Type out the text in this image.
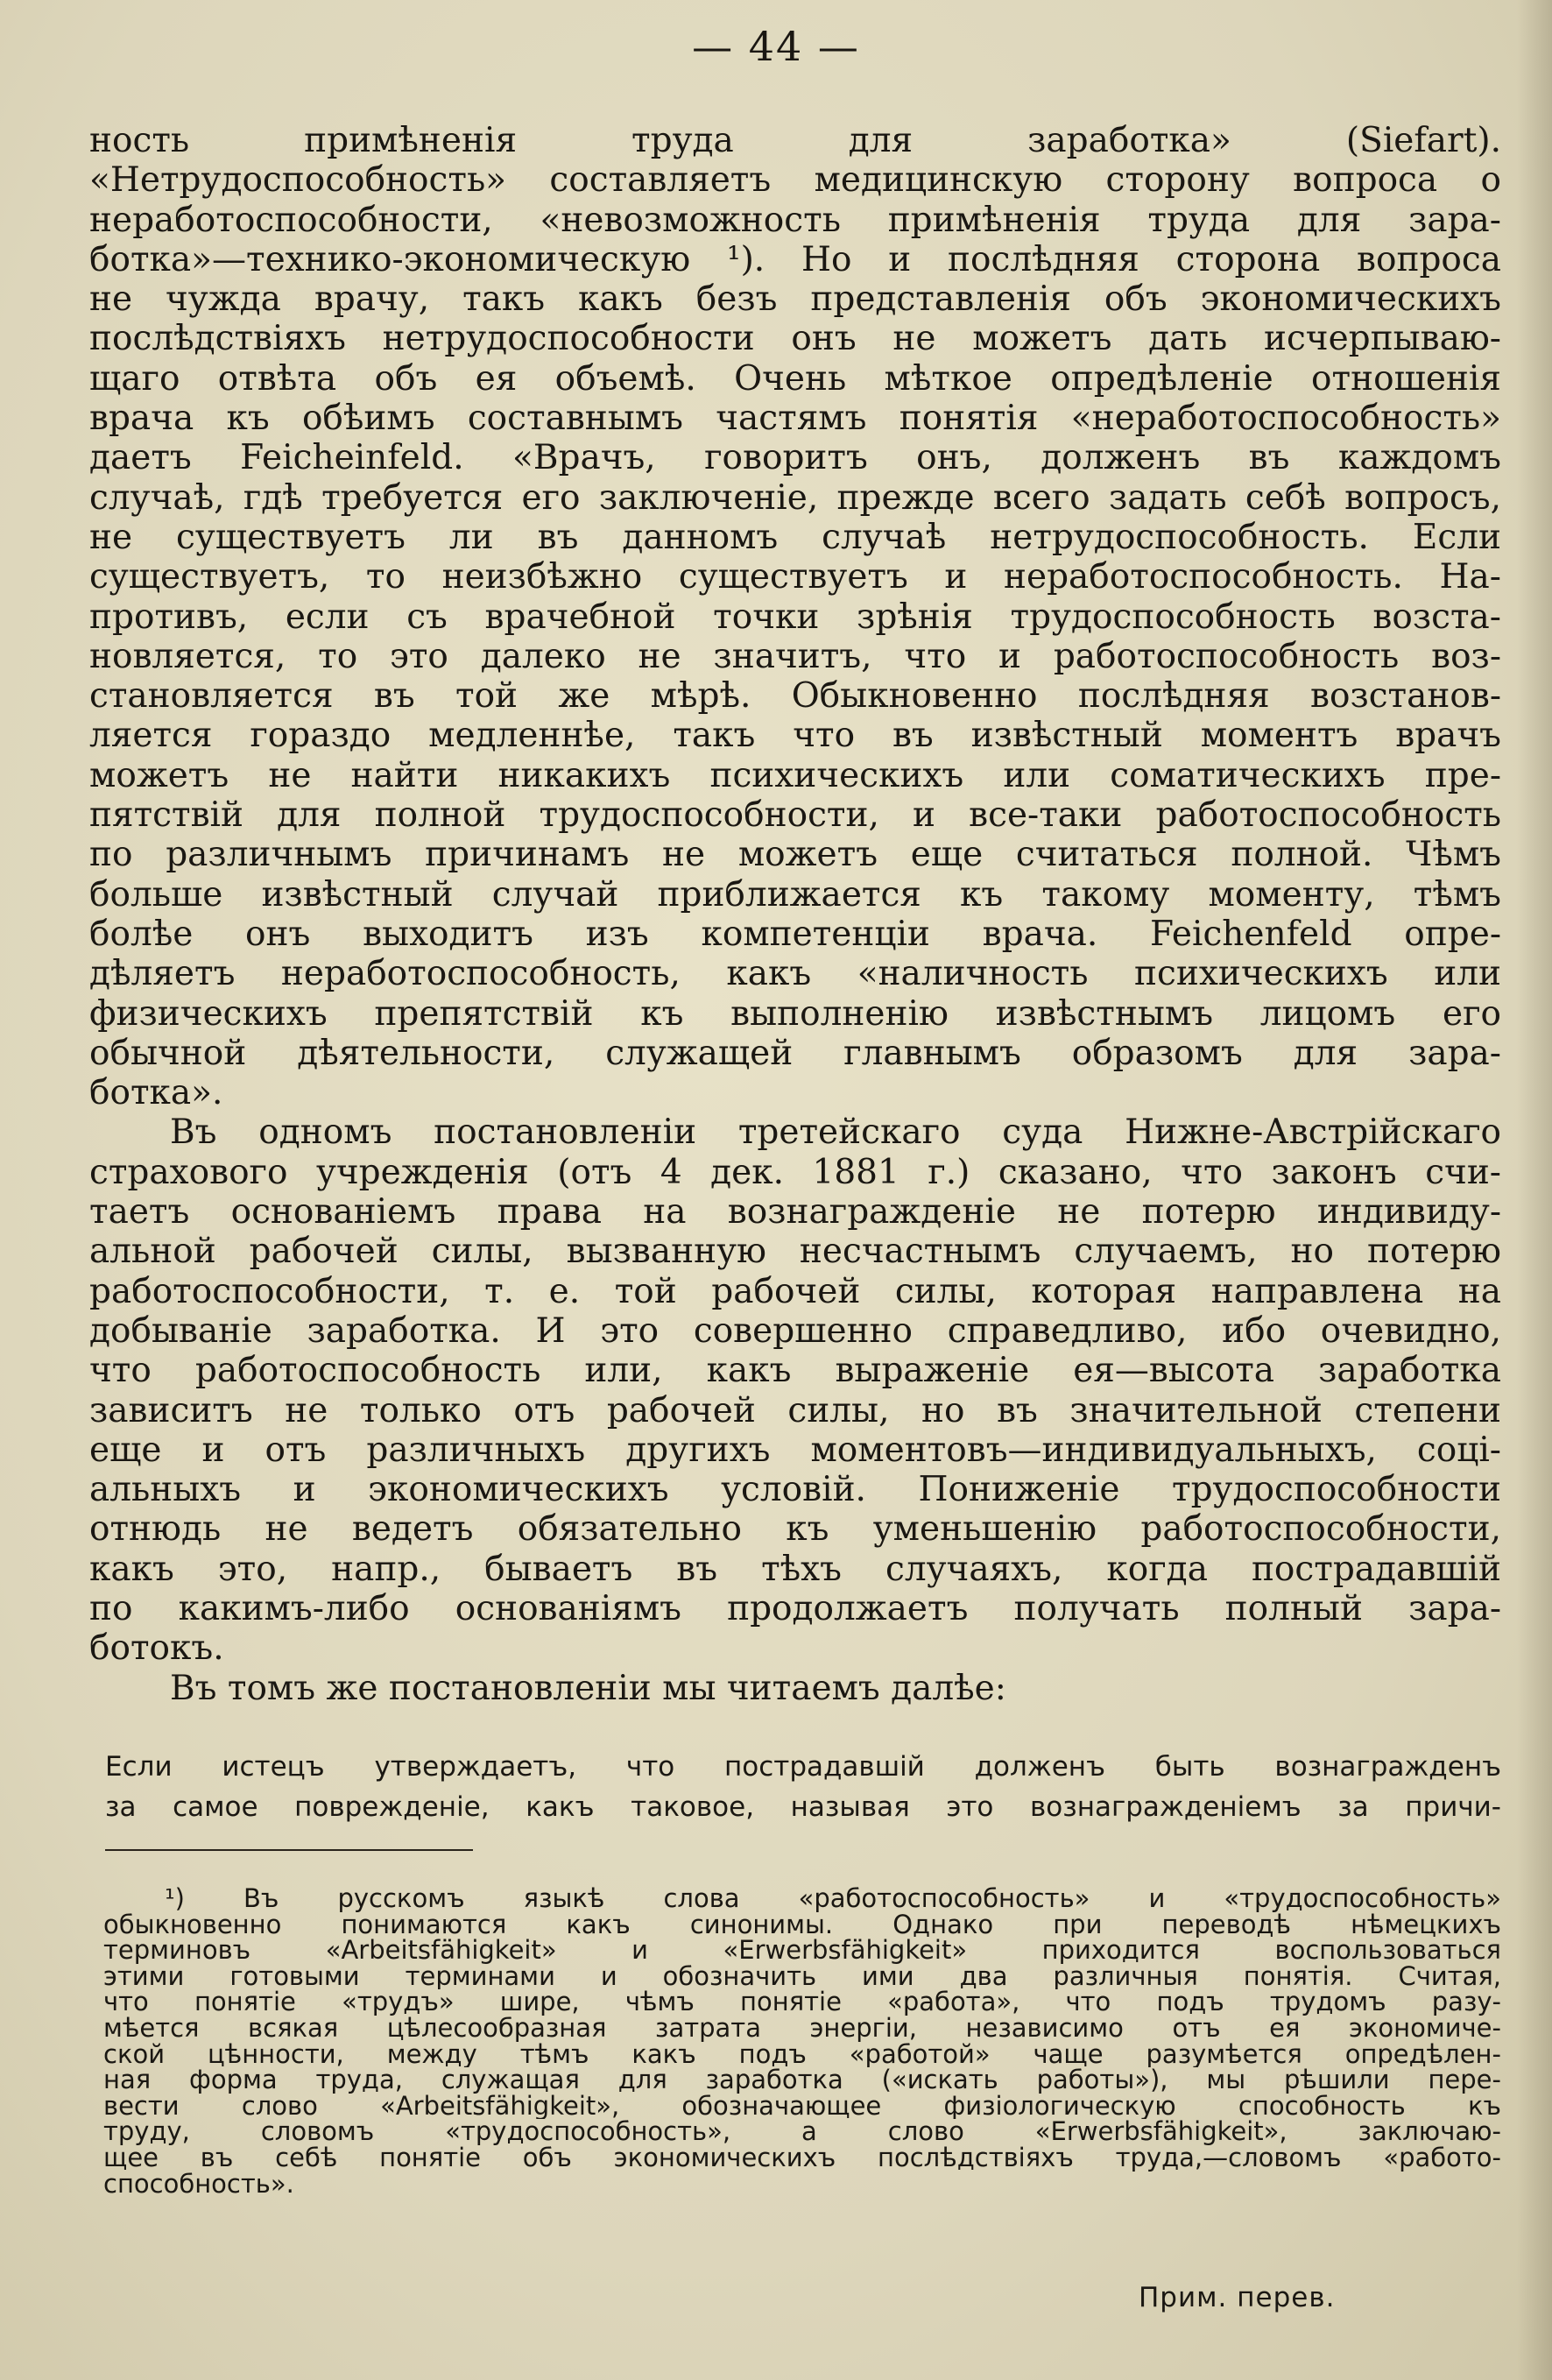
— 44 —
ность примѣненія труда для заработка» (Siefart).
«Нетрудоспособность» составляетъ медицинскую сторону вопроса о
неработоспособности, «невозможность примѣненія труда для зара-
ботка»—технико-экономическую ¹). Но и послѣдняя сторона вопроса
не чужда врачу, такъ какъ безъ представленія объ экономическихъ
послѣдствіяхъ нетрудоспособности онъ не можетъ дать исчерпываю-
щаго отвѣта объ ея объемѣ. Очень мѣткое опредѣленіе отношенія
врача къ обѣимъ составнымъ частямъ понятія «неработоспособность»
даетъ Feicheinfeld. «Врачъ, говоритъ онъ, долженъ въ каждомъ
случаѣ, гдѣ требуется его заключеніе, прежде всего задать себѣ вопросъ,
не существуетъ ли въ данномъ случаѣ нетрудоспособность. Если
существуетъ, то неизбѣжно существуетъ и неработоспособность. На-
противъ, если съ врачебной точки зрѣнія трудоспособность возста-
новляется, то это далеко не значитъ, что и работоспособность воз-
становляется въ той же мѣрѣ. Обыкновенно послѣдняя возстанов-
ляется гораздо медленнѣе, такъ что въ извѣстный моментъ врачъ
можетъ не найти никакихъ психическихъ или соматическихъ пре-
пятствій для полной трудоспособности, и все-таки работоспособность
по различнымъ причинамъ не можетъ еще считаться полной. Чѣмъ
больше извѣстный случай приближается къ такому моменту, тѣмъ
болѣе онъ выходитъ изъ компетенціи врача. Feichenfeld опре-
дѣляетъ неработоспособность, какъ «наличность психическихъ или
физическихъ препятствій къ выполненію извѣстнымъ лицомъ его
обычной дѣятельности, служащей главнымъ образомъ для зара-
ботка».
Въ одномъ постановленіи третейскаго суда Нижне-Австрійскаго
страхового учрежденія (отъ 4 дек. 1881 г.) сказано, что законъ счи-
таетъ основаніемъ права на вознагражденіе не потерю индивиду-
альной рабочей силы, вызванную несчастнымъ случаемъ, но потерю
работоспособности, т. е. той рабочей силы, которая направлена на
добываніе заработка. И это совершенно справедливо, ибо очевидно,
что работоспособность или, какъ выраженіе ея—высота заработка
зависитъ не только отъ рабочей силы, но въ значительной степени
еще и отъ различныхъ другихъ моментовъ—индивидуальныхъ, соці-
альныхъ и экономическихъ условій. Пониженіе трудоспособности
отнюдь не ведетъ обязательно къ уменьшенію работоспособности,
какъ это, напр., бываетъ въ тѣхъ случаяхъ, когда пострадавшій
по какимъ-либо основаніямъ продолжаетъ получать полный зара-
ботокъ.
Въ томъ же постановленіи мы читаемъ далѣе:
Если истецъ утверждаетъ, что пострадавшій долженъ быть вознагражденъ
за самое поврежденіе, какъ таковое, называя это вознагражденіемъ за причи-
¹) Въ русскомъ языкѣ слова «работоспособность» и «трудоспособность»
обыкновенно понимаются какъ синонимы. Однако при переводѣ нѣмецкихъ
терминовъ «Arbeitsfähigkeit» и «Erwerbsfähigkeit» приходится воспользоваться
этими готовыми терминами и обозначить ими два различныя понятія. Считая,
что понятіе «трудъ» шире, чѣмъ понятіе «работа», что подъ трудомъ разу-
мѣется всякая цѣлесообразная затрата энергіи, независимо отъ ея экономиче-
ской цѣнности, между тѣмъ какъ подъ «работой» чаще разумѣется опредѣлен-
ная форма труда, служащая для заработка («искать работы»), мы рѣшили пере-
вести слово «Arbeitsfähigkeit», обозначающее физіологическую способность къ
труду, словомъ «трудоспособность», а слово «Erwerbsfähigkeit», заключаю-
щее въ себѣ понятіе объ экономическихъ послѣдствіяхъ труда,—словомъ «работо-
способность».
Прим. перев.
